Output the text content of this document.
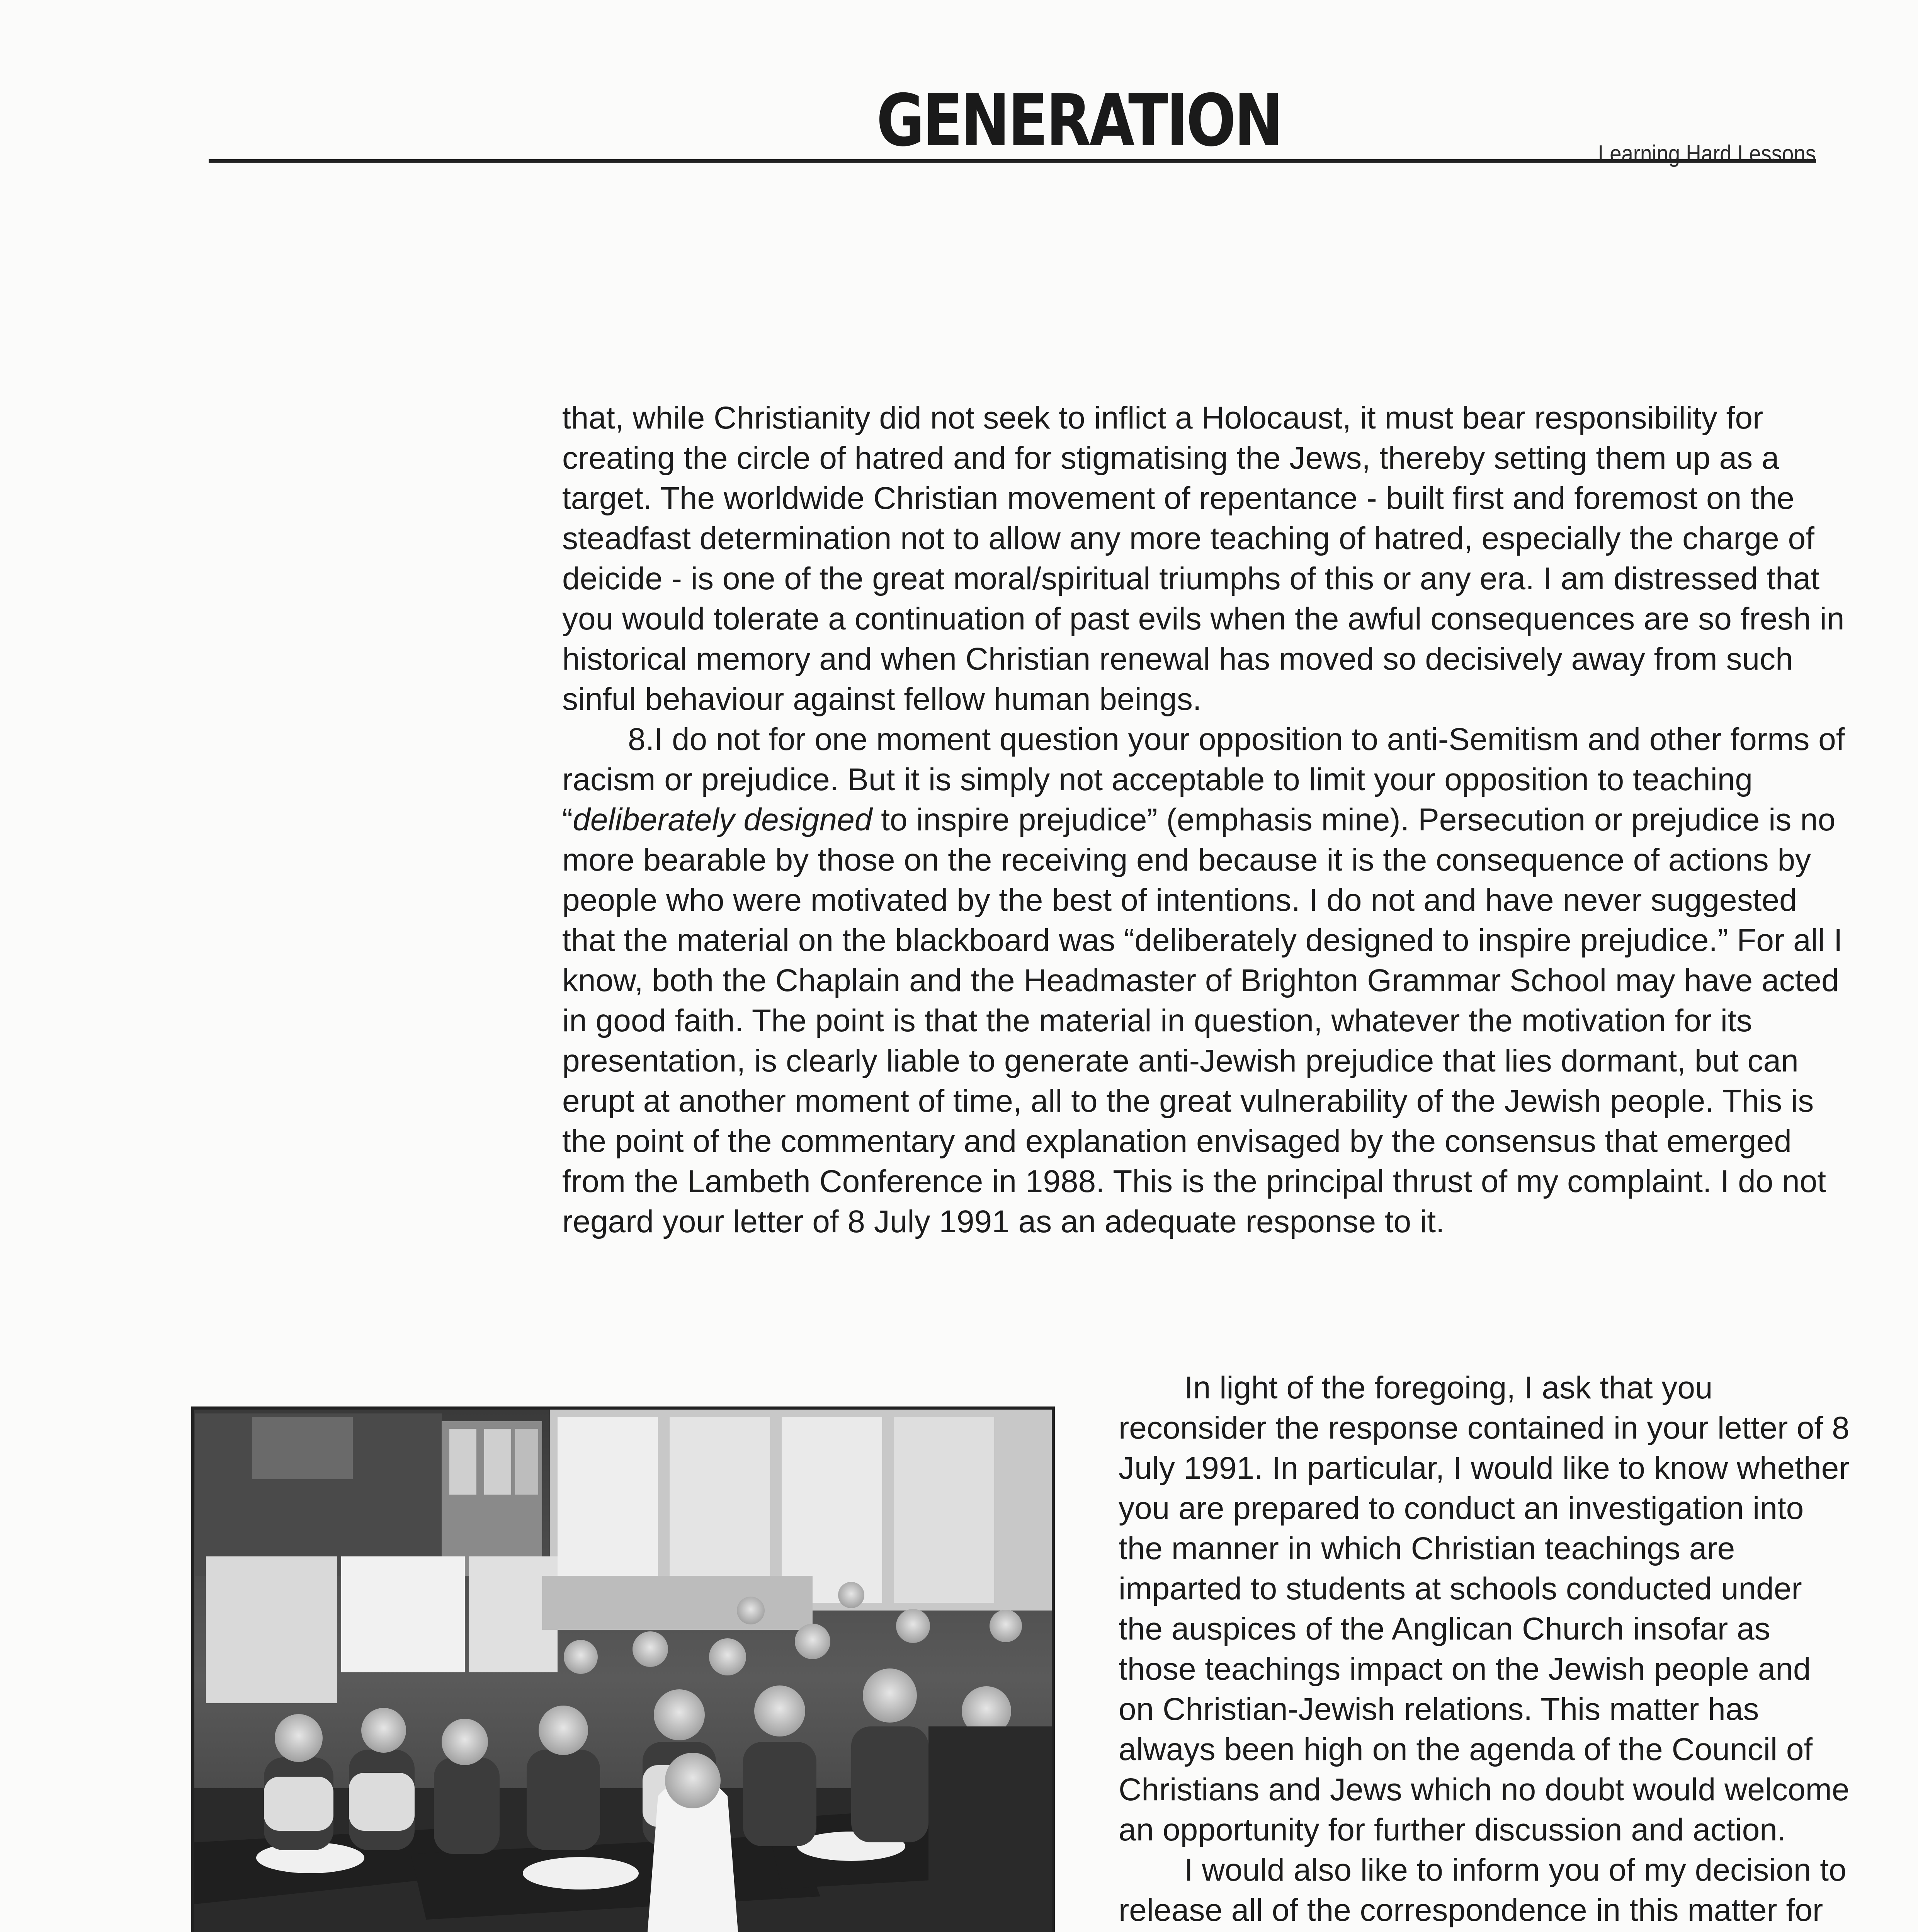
GENERATION	Learning Hard Lessons

that, while Christianity did not seek to inflict a Holocaust, it must bear responsibility for creating the circle of hatred and for stigmatising the Jews, thereby setting them up as a target. The worldwide Christian movement of repentance - built first and foremost on the steadfast determination not to allow any more teaching of hatred, especially the charge of deicide - is one of the great moral/spiritual triumphs of this or any era. I am distressed that you would tolerate a continuation of past evils when the awful consequences are so fresh in historical memory and when Christian renewal has moved so decisively away from such sinful behaviour against fellow human beings.

8.I do not for one moment question your opposition to anti-Semitism and other forms of racism or prejudice. But it is simply not acceptable to limit your opposition to teaching “deliberately designed to inspire prejudice” (emphasis mine). Persecution or prejudice is no more bearable by those on the receiving end because it is the consequence of actions by people who were motivated by the best of intentions. I do not and have never suggested that the material on the blackboard was “deliberately designed to inspire prejudice.” For all I know, both the Chaplain and the Headmaster of Brighton Grammar School may have acted in good faith. The point is that the material in question, whatever the motivation for its presentation, is clearly liable to generate anti-Jewish prejudice that lies dormant, but can erupt at another moment of time, all to the great vulnerability of the Jewish people. This is the point of the commentary and explanation envisaged by the consensus that emerged from the Lambeth Conference in 1988. This is the principal thrust of my complaint. I do not regard your letter of 8 July 1991 as an adequate response to it.

In light of the foregoing, I ask that you reconsider the response contained in your letter of 8 July 1991. In particular, I would like to know whether you are prepared to conduct an investigation into the manner in which Christian teachings are imparted to students at schools conducted under the auspices of the Anglican Church insofar as those teachings impact on the Jewish people and on Christian-Jewish relations. This matter has always been high on the agenda of the Council of Christians and Jews which no doubt would welcome an opportunity for further discussion and action.

I would also like to inform you of my decision to release all of the correspondence in this matter for
